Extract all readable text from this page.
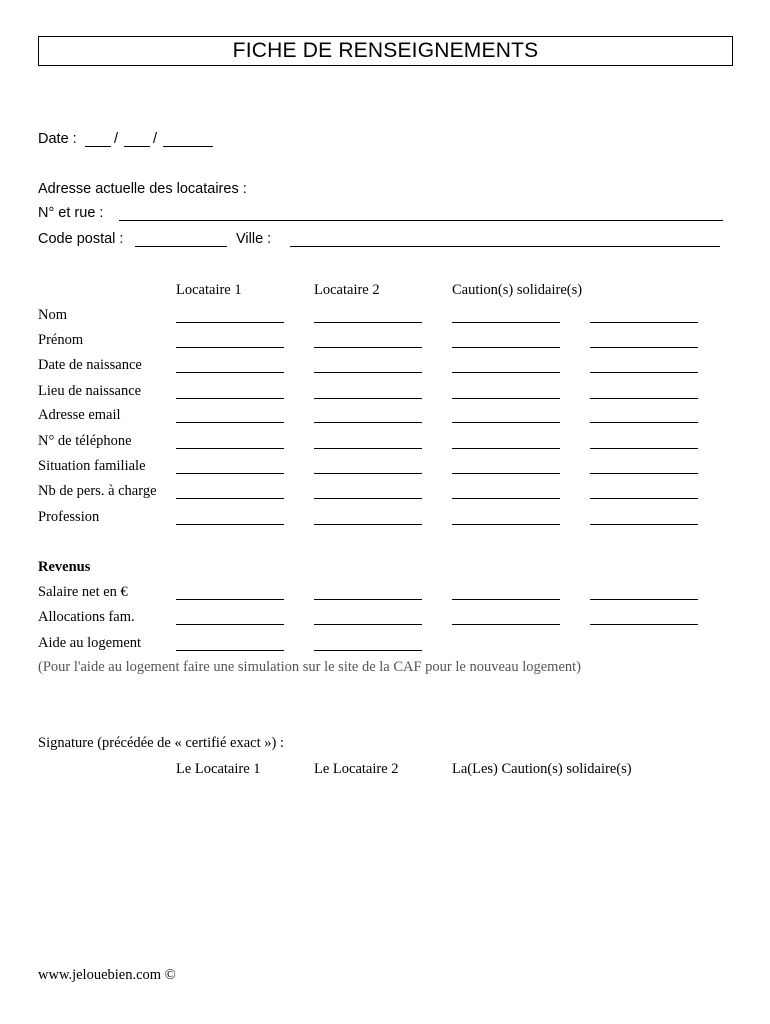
FICHE DE RENSEIGNEMENTS
Date :	/ /
Adresse actuelle des locataires :
N° et rue :
Code postal :	Ville :
Locataire 1	Locataire 2	Caution(s) solidaire(s)
Nom
Prénom
Date de naissance
Lieu de naissance
Adresse email
N° de téléphone
Situation familiale
Nb de pers. à charge
Profession
Revenus
Salaire net en €
Allocations fam.
Aide au logement
(Pour l'aide au logement faire une simulation sur le site de la CAF pour le nouveau logement)
Signature (précédée de « certifié exact ») :
Le Locataire 1	Le Locataire 2	La(Les) Caution(s) solidaire(s)
www.jelouebien.com ©
